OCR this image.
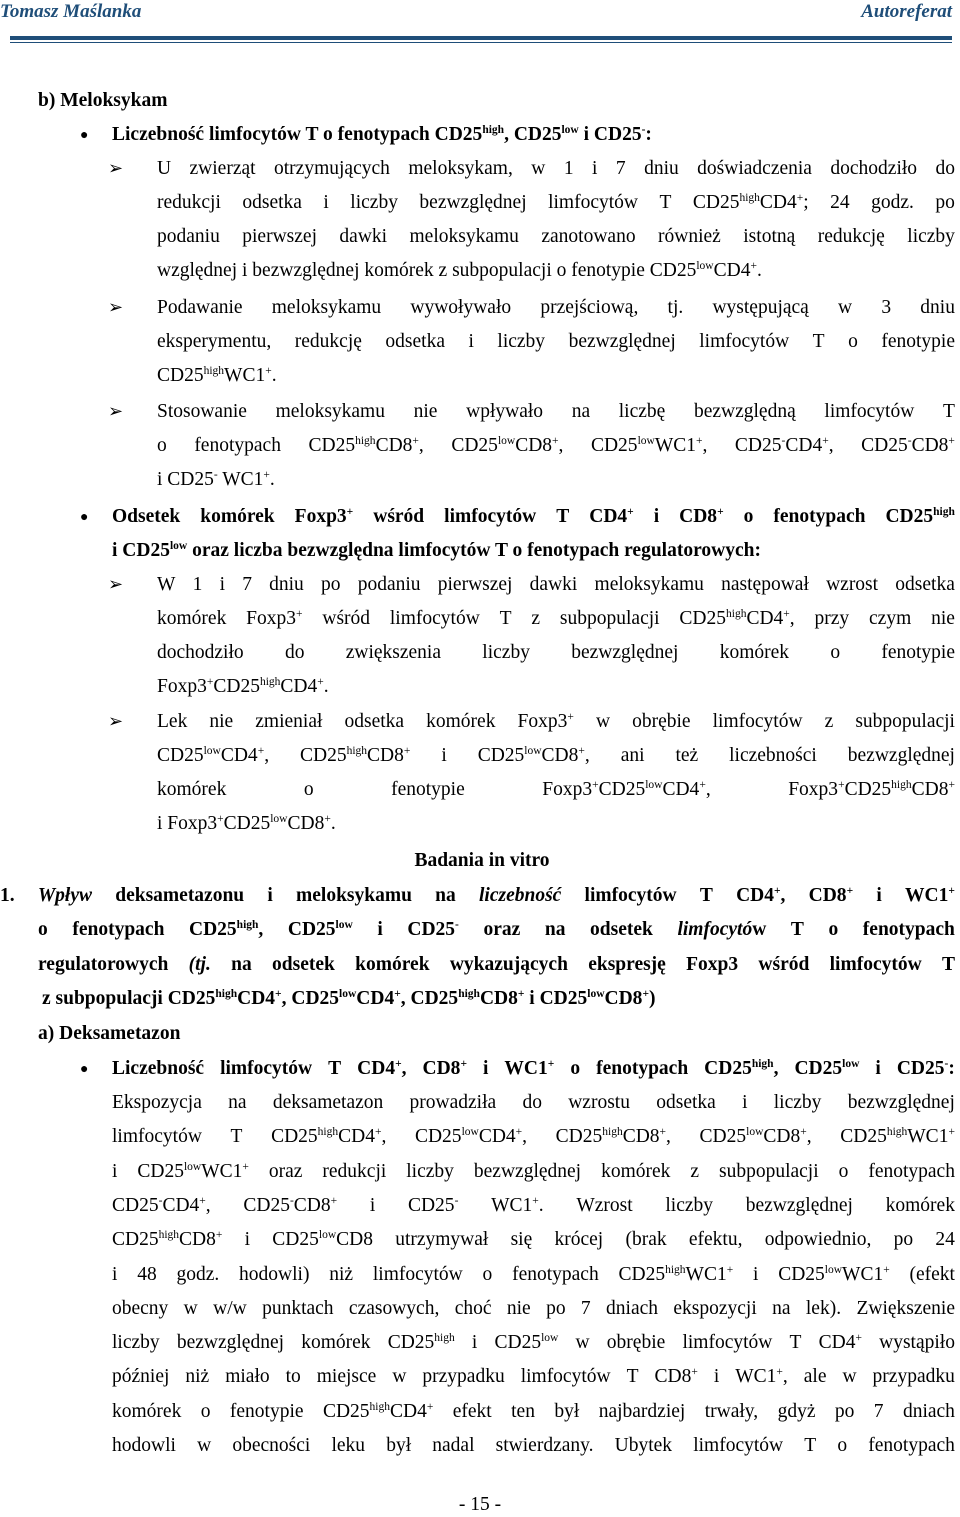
Tomasz Maślanka	Autoreferat
b) Meloksykam
● Liczebność limfocytów T o fenotypach $CD25^{high}$, $CD25^{low}$ i CD25-:
➢ U zwierząt otrzymujących meloksykam, w 1 i 7 dniu doświadczenia dochodziło do
redukcji odsetka i liczby bezwzględnej limfocytów T $CD25^{high}CD4^+$; 24 godz. po
podaniu pierwszej dawki meloksykamu zanotowano również istotną redukcję liczby
względnej i bezwzględnej komórek z subpopulacji o fenotypie $CD25^{low}CD4^+$.
➢ Podawanie meloksykamu wywoływało przejściową, tj. występującą w 3 dniu
eksperymentu, redukcję odsetka i liczby bezwzględnej limfocytów T o fenotypie
$CD25^{high}WC1^+$.
➢ Stosowanie meloksykamu nie wpływało na liczbę bezwzględną limfocytów T
o fenotypach $CD25^{high}CD8^+$, $CD25^{low}CD8^+$, $CD25^{low}WC1^+$, CD25-CD4+, CD25-CD8+
i CD25- WC1+.
● Odsetek komórek Foxp3+ wśród limfocytów T CD4+ i CD8+ o fenotypach $CD25^{high}$
i $CD25^{low}$ oraz liczba bezwzględna limfocytów T o fenotypach regulatorowych:
➢ W 1 i 7 dniu po podaniu pierwszej dawki meloksykamu następował wzrost odsetka
komórek Foxp3+ wśród limfocytów T z subpopulacji $CD25^{high}CD4^+$, przy czym nie
dochodziło do zwiększenia liczby bezwzględnej komórek o fenotypie
$Foxp3^+CD25^{high}CD4^+$.
➢ Lek nie zmieniał odsetka komórek Foxp3+ w obrębie limfocytów z subpopulacji
$CD25^{low}CD4^+$, $CD25^{high}CD8^+$ i $CD25^{low}CD8^+$, ani też liczebności bezwzględnej
komórek	o	fenotypie	$Foxp3^+CD25^{low}CD4^+$,	$Foxp3^+CD25^{high}CD8^+$
i $Foxp3^+CD25^{low}CD8^+$.
Badania in vitro
1. Wpływ deksametazonu i meloksykamu na liczebność limfocytów T CD4+, CD8+ i WC1+
o fenotypach $CD25^{high}$, $CD25^{low}$ i CD25- oraz na odsetek limfocytów T o fenotypach
regulatorowych (tj. na odsetek komórek wykazujących ekspresję Foxp3 wśród limfocytów T
z subpopulacji $CD25^{high}CD4^+$, $CD25^{low}CD4^+$, $CD25^{high}CD8^+$ i $CD25^{low}CD8^+$)
a) Deksametazon
● Liczebność limfocytów T CD4+, CD8+ i WC1+ o fenotypach $CD25^{high}$, $CD25^{low}$ i CD25-:
Ekspozycja na deksametazon prowadziła do wzrostu odsetka i liczby bezwzględnej
limfocytów T $CD25^{high}CD4^+$, $CD25^{low}CD4^+$, $CD25^{high}CD8^+$, $CD25^{low}CD8^+$, $CD25^{high}WC1^+$
i $CD25^{low}WC1^+$ oraz redukcji liczby bezwzględnej komórek z subpopulacji o fenotypach
CD25-CD4+, CD25-CD8+ i CD25- WC1+. Wzrost liczby bezwzględnej komórek
$CD25^{high}CD8^+$ i $CD25^{low}CD8$ utrzymywał się krócej (brak efektu, odpowiednio, po 24
i 48 godz. hodowli) niż limfocytów o fenotypach $CD25^{high}WC1^+$ i $CD25^{low}WC1^+$ (efekt
obecny w w/w punktach czasowych, choć nie po 7 dniach ekspozycji na lek). Zwiększenie
liczby bezwzględnej komórek $CD25^{high}$ i $CD25^{low}$ w obrębie limfocytów T CD4+ wystąpiło
później niż miało to miejsce w przypadku limfocytów T CD8+ i WC1+, ale w przypadku
komórek o fenotypie $CD25^{high}CD4^+$ efekt ten był najbardziej trwały, gdyż po 7 dniach
hodowli w obecności leku był nadal stwierdzany. Ubytek limfocytów T o fenotypach
- 15 -
